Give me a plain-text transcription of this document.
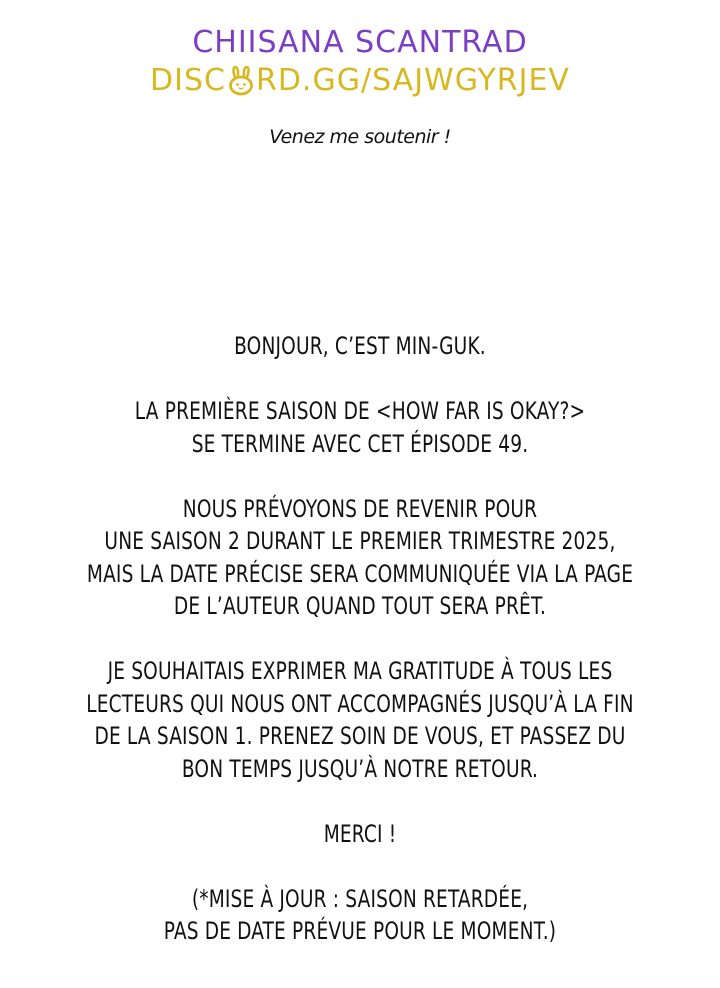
CHIISANA SCANTRAD
DISC RD.GG/SAJWGYRJEV
Venez me soutenir !
BONJOUR, C’EST MIN-GUK.
LA PREMIÈRE SAISON DE <HOW FAR IS OKAY?>
SE TERMINE AVEC CET ÉPISODE 49.
NOUS PRÉVOYONS DE REVENIR POUR
UNE SAISON 2 DURANT LE PREMIER TRIMESTRE 2025,
MAIS LA DATE PRÉCISE SERA COMMUNIQUÉE VIA LA PAGE
DE L’AUTEUR QUAND TOUT SERA PRÊT.
JE SOUHAITAIS EXPRIMER MA GRATITUDE À TOUS LES
LECTEURS QUI NOUS ONT ACCOMPAGNÉS JUSQU’À LA FIN
DE LA SAISON 1. PRENEZ SOIN DE VOUS, ET PASSEZ DU
BON TEMPS JUSQU’À NOTRE RETOUR.
MERCI !
(*MISE À JOUR : SAISON RETARDÉE,
PAS DE DATE PRÉVUE POUR LE MOMENT.)
